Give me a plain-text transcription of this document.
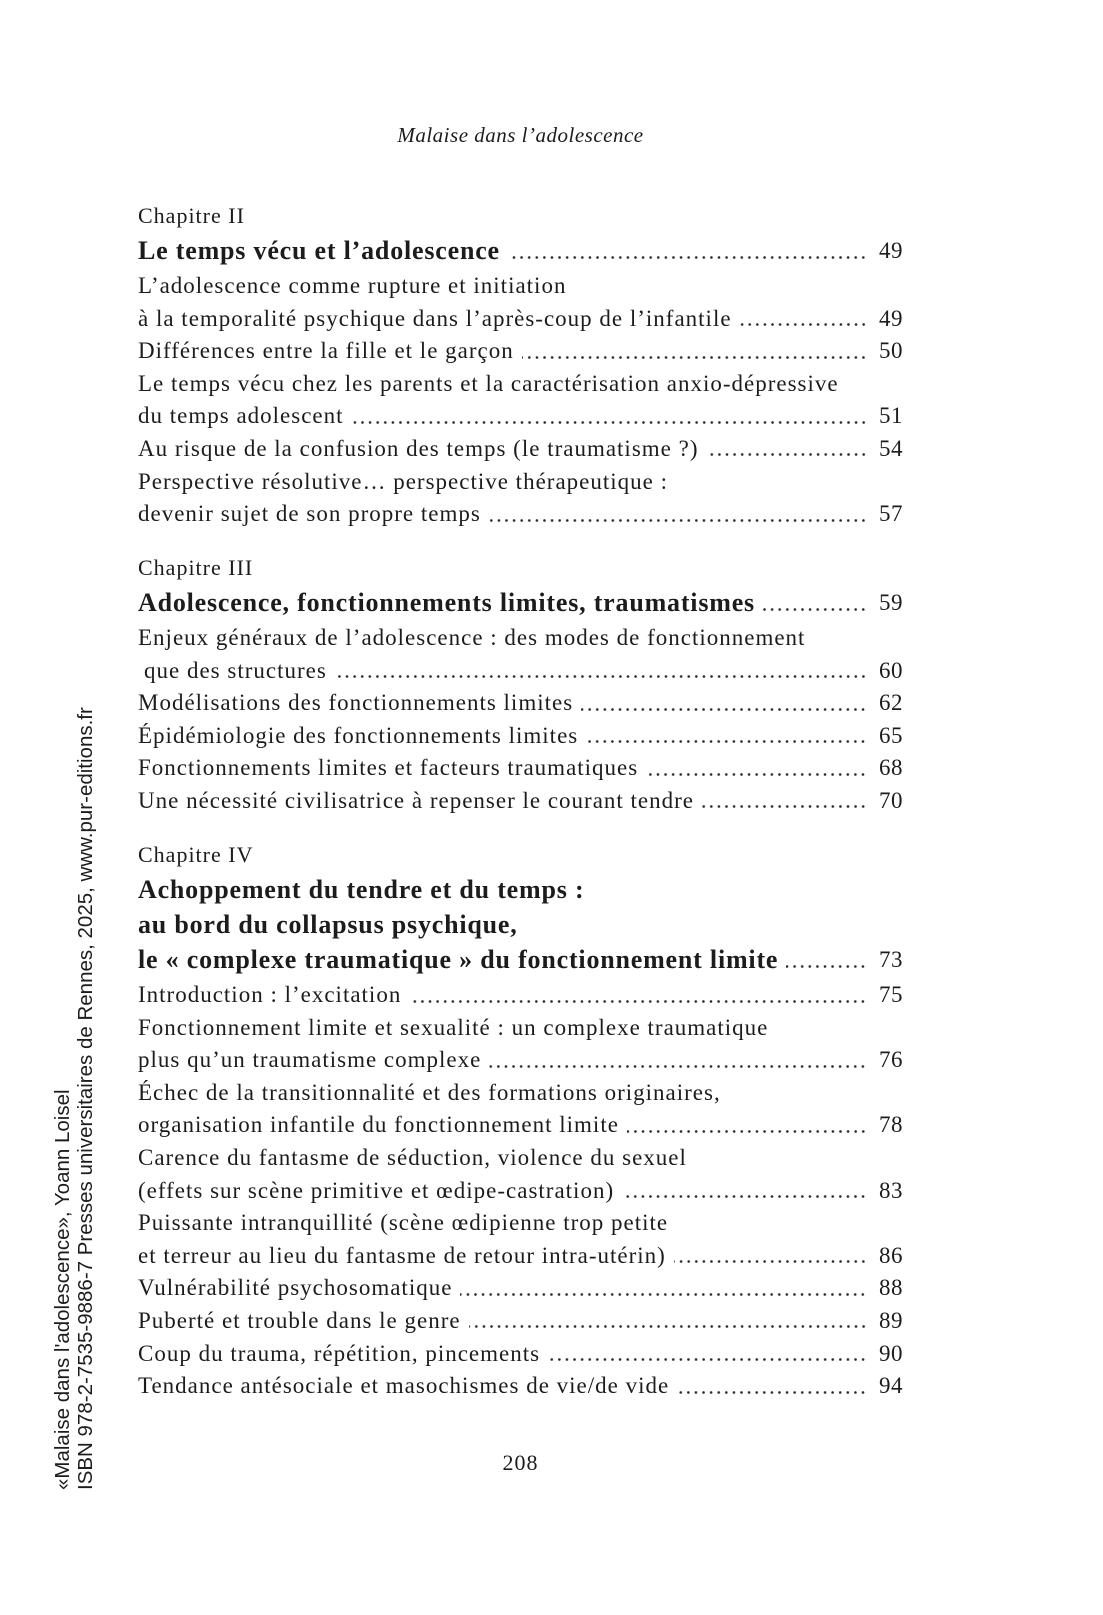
Malaise dans l’adolescence
«Malaise dans l'adolescence», Yoann Loisel ISBN 978-2-7535-9886-7 Presses universitaires de Rennes, 2025, www.pur-editions.fr
Chapitre II
Le temps vécu et l’adolescence	49
L’adolescence comme rupture et initiation
à la temporalité psychique dans l’après-coup de l’infantile	49
Différences entre la fille et le garçon	50
Le temps vécu chez les parents et la caractérisation anxio-dépressive
du temps adolescent	51
Au risque de la confusion des temps (le traumatisme ?)	54
Perspective résolutive… perspective thérapeutique :
devenir sujet de son propre temps	57
Chapitre III
Adolescence, fonctionnements limites, traumatismes	59
Enjeux généraux de l’adolescence : des modes de fonctionnement
que des structures	60
Modélisations des fonctionnements limites	62
Épidémiologie des fonctionnements limites	65
Fonctionnements limites et facteurs traumatiques	68
Une nécessité civilisatrice à repenser le courant tendre	70
Chapitre IV
Achoppement du tendre et du temps :
au bord du collapsus psychique,
le « complexe traumatique » du fonctionnement limite	73
Introduction : l’excitation	75
Fonctionnement limite et sexualité : un complexe traumatique
plus qu’un traumatisme complexe	76
Échec de la transitionnalité et des formations originaires,
organisation infantile du fonctionnement limite	78
Carence du fantasme de séduction, violence du sexuel
(effets sur scène primitive et œdipe-castration)	83
Puissante intranquillité (scène œdipienne trop petite
et terreur au lieu du fantasme de retour intra-utérin)	86
Vulnérabilité psychosomatique	88
Puberté et trouble dans le genre	89
Coup du trauma, répétition, pincements	90
Tendance antésociale et masochismes de vie/de vide	94
208
